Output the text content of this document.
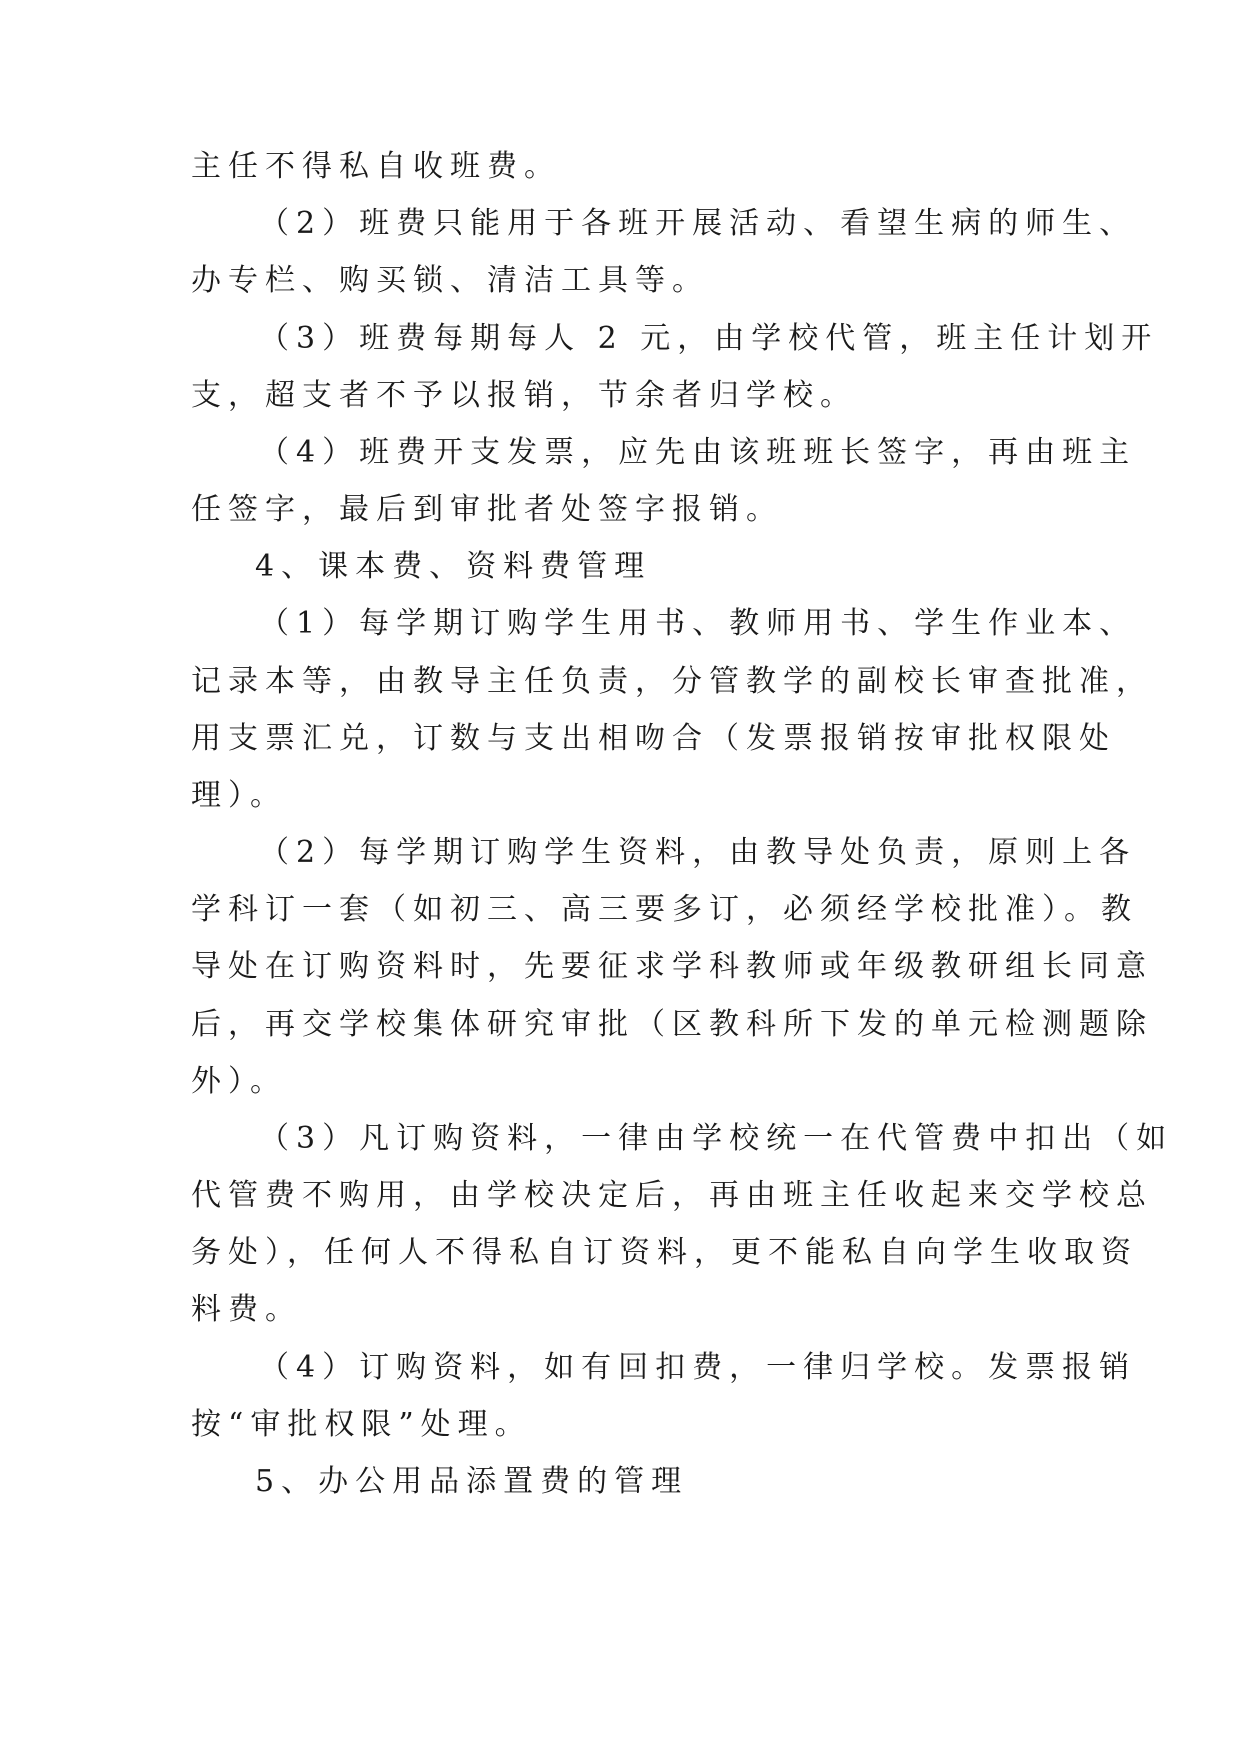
主任不得私自收班费。

（2）班费只能用于各班开展活动、看望生病的师生、

办专栏、购买锁、清洁工具等。

（3）班费每期每人 2 元，由学校代管，班主任计划开

支，超支者不予以报销，节余者归学校。

（4）班费开支发票，应先由该班班长签字，再由班主

任签字，最后到审批者处签字报销。

4、课本费、资料费管理

（1）每学期订购学生用书、教师用书、学生作业本、

记录本等，由教导主任负责，分管教学的副校长审查批准，

用支票汇兑，订数与支出相吻合（发票报销按审批权限处

理）。

（2）每学期订购学生资料，由教导处负责，原则上各

学科订一套（如初三、高三要多订，必须经学校批准）。教

导处在订购资料时，先要征求学科教师或年级教研组长同意

后，再交学校集体研究审批（区教科所下发的单元检测题除

外）。

（3）凡订购资料，一律由学校统一在代管费中扣出（如

代管费不购用，由学校决定后，再由班主任收起来交学校总

务处），任何人不得私自订资料，更不能私自向学生收取资

料费。

（4）订购资料，如有回扣费，一律归学校。发票报销

按“审批权限”处理。

5、办公用品添置费的管理
